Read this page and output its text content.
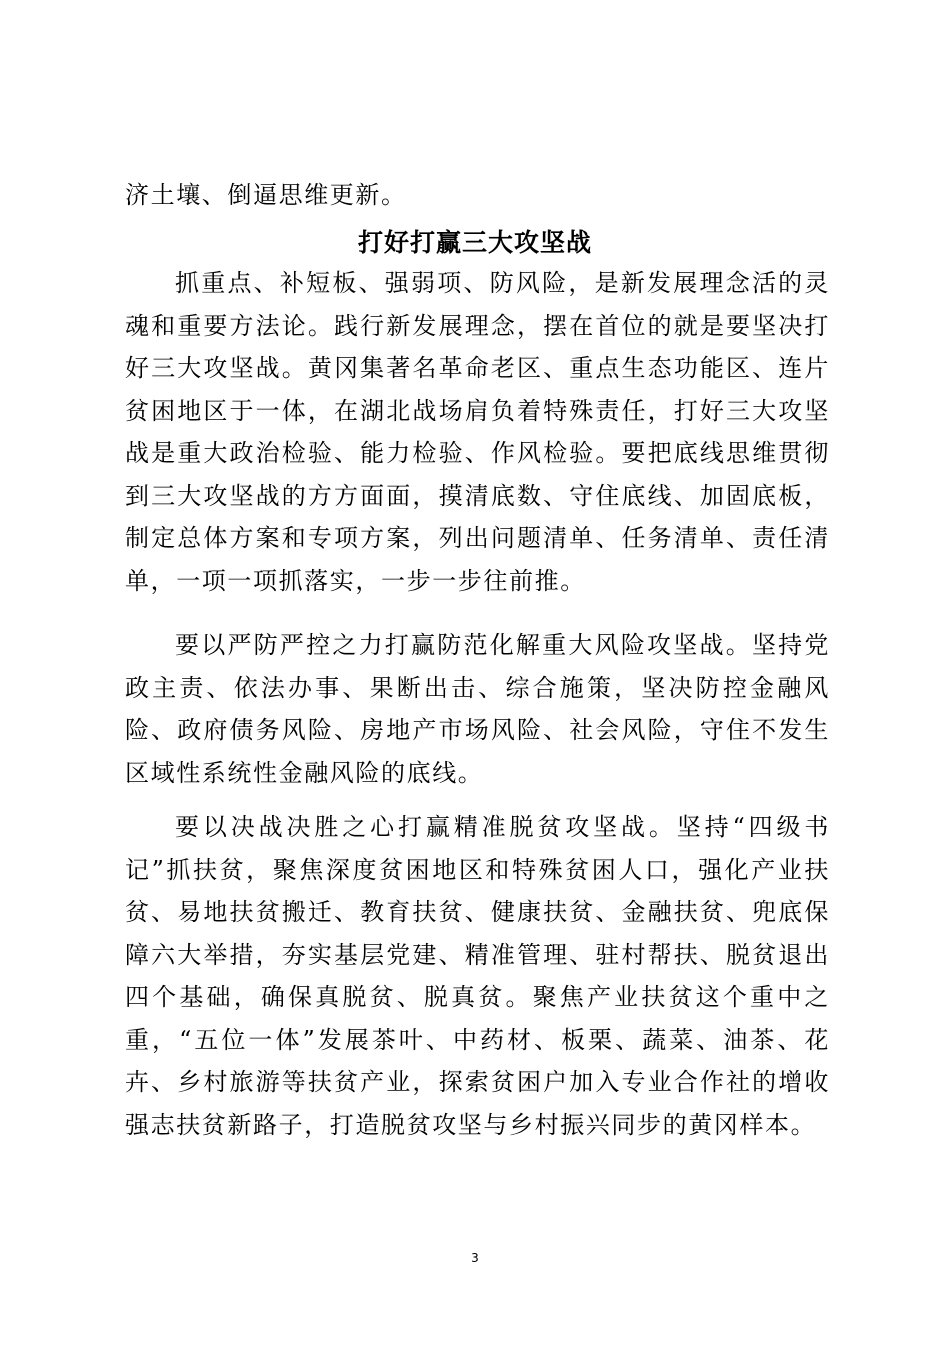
济土壤、倒逼思维更新。

打好打赢三大攻坚战

抓重点、补短板、强弱项、防风险，是新发展理念活的灵魂和重要方法论。践行新发展理念，摆在首位的就是要坚决打好三大攻坚战。黄冈集著名革命老区、重点生态功能区、连片贫困地区于一体，在湖北战场肩负着特殊责任，打好三大攻坚战是重大政治检验、能力检验、作风检验。要把底线思维贯彻到三大攻坚战的方方面面，摸清底数、守住底线、加固底板，制定总体方案和专项方案，列出问题清单、任务清单、责任清单，一项一项抓落实，一步一步往前推。

要以严防严控之力打赢防范化解重大风险攻坚战。坚持党政主责、依法办事、果断出击、综合施策，坚决防控金融风险、政府债务风险、房地产市场风险、社会风险，守住不发生区域性系统性金融风险的底线。

要以决战决胜之心打赢精准脱贫攻坚战。坚持“四级书记”抓扶贫，聚焦深度贫困地区和特殊贫困人口，强化产业扶贫、易地扶贫搬迁、教育扶贫、健康扶贫、金融扶贫、兜底保障六大举措，夯实基层党建、精准管理、驻村帮扶、脱贫退出四个基础，确保真脱贫、脱真贫。聚焦产业扶贫这个重中之重，“五位一体”发展茶叶、中药材、板栗、蔬菜、油茶、花卉、乡村旅游等扶贫产业，探索贫困户加入专业合作社的增收强志扶贫新路子，打造脱贫攻坚与乡村振兴同步的黄冈样本。

3
